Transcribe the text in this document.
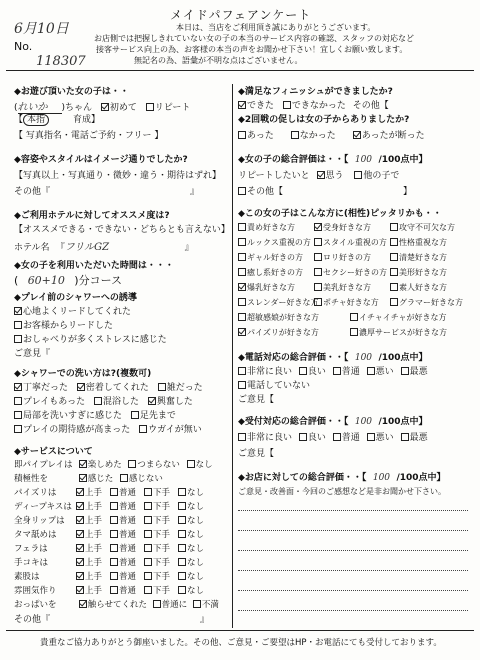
6月10日
No.
118307
メイドパフェアンケート
本日は、当店をご利用頂き誠にありがとうございます。
お店側では把握しきれていない女の子の本当のサービス内容の確認、スタッフの対応など
接客サービス向上の為、お客様の本当の声をお聞かせ下さい！宜しくお願い致します。
無記名の為、語彙が不明な点はございません。
◆お遊び頂いた女の子は・・
(れいか )ちゃん 初めて リピート
【 本指	育成】
【 写真指名・電話ご予約・フリー 】
◆容姿やスタイルはイメージ通りでしたか?
【写真以上・写真通り・微妙・違う・期待はずれ】
その他『	』
◆ご利用ホテルに対してオススメ度は?
【オススメできる・できない・どちらとも言えない】
ホテル名 『フリルGZ	』
◆女の子を利用いただいた時間は・・・
( 60+10 )分コース
◆プレイ前のシャワーへの誘導
心地よくリードしてくれた
お客様からリードした
おしゃべりが多くストレスに感じた
ご意見『
◆シャワーでの洗い方は?(複数可)
丁寧だった 密着してくれた 雑だった
プレイもあった 混浴した 興奮した
局部を洗いすぎに感じた 足先まで
プレイの期待感が高まった ウガイが無い
◆サービスについて
即パイプレイは 楽しめた つまらない なし
積極性を	感じた 感じない
パイズリは	上手 普通 下手 なし
ディープキスは 上手 普通 下手 なし
全身リップは 上手 普通 下手 なし
タマ舐めは	上手 普通 下手 なし
フェラは	上手 普通 下手 なし
手コキは	上手 普通 下手 なし
素股は	上手 普通 下手 なし
雰囲気作り	上手 普通 下手 なし
おっぱいを	触らせてくれた 普通に 不満
その他『	』
◆満足なフィニッシュができましたか?
できた できなかった その他【
◆2回戦の促しは女の子からありましたか?
あった	なかった	あったが断った
◆女の子の総合評価は・・【 100 /100点中】
リピートしたいと 思う 他の子で
その他【	】
◆この女の子はこんな方に(相性)ピッタリかも・・
責め好きな方	受身好きな方	攻守不可欠な方
ルックス重視の方 スタイル重視の方 性格重視な方
ギャル好きの方	ロリ好きの方	清楚好きな方
癒し系好きの方	セクシー好きの方 美形好きな方
爆乳好きな方	美乳好きな方	素人好きな方
スレンダー好きな方 ポチャ好きな方	グラマー好きな方
超敏感娘が好きな方	イチャイチャが好きな方
パイズリが好きな方	濃厚サービスが好きな方
◆電話対応の総合評価・・【 100 /100点中】
非常に良い 良い 普通 悪い 最悪
電話していない
ご意見【
◆受付対応の総合評価・・【 100 /100点中】
非常に良い 良い 普通 悪い 最悪
ご意見【
◆お店に対しての総合評価・・【 100 /100点中】
ご意見・改善面・今回のご感想など是非お聞かせ下さい。
貴重なご協力ありがとう御座いました。その他、ご意見・ご要望はHP・お電話にても受付しております。
